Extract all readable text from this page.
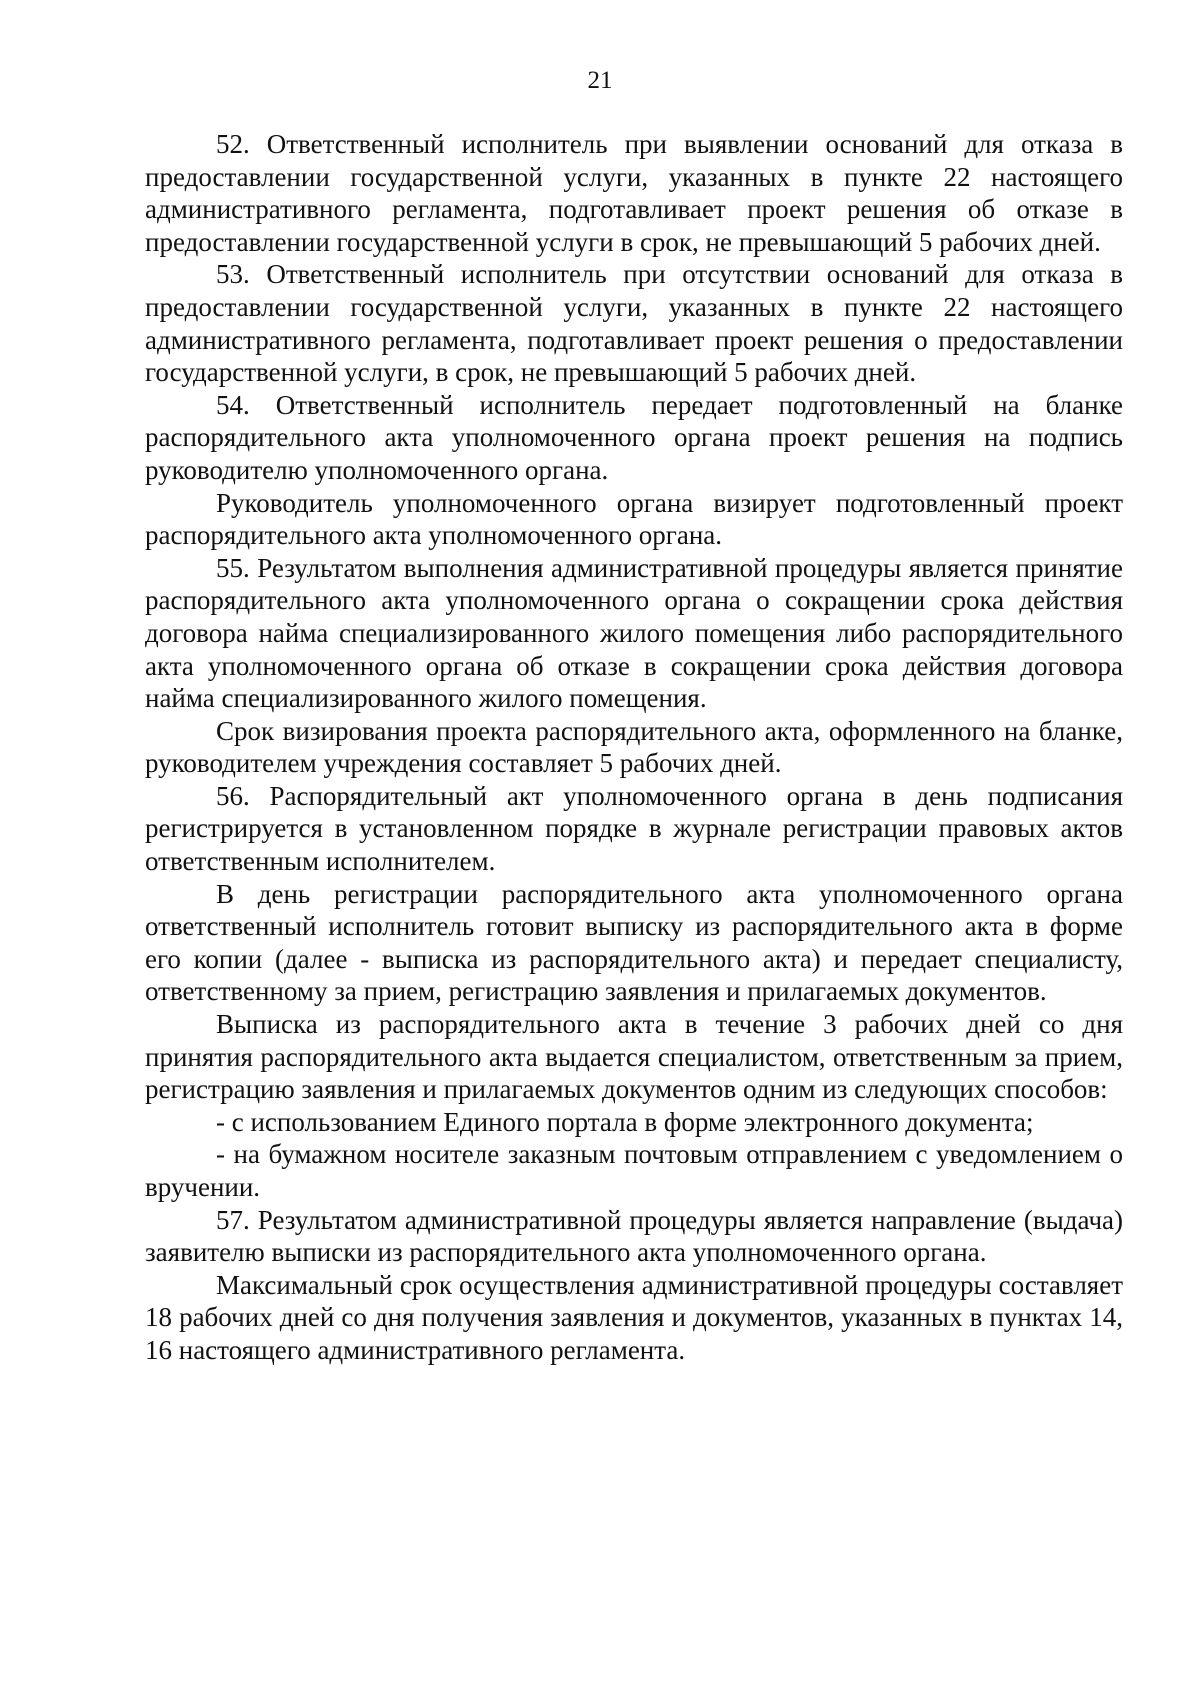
21

52. Ответственный исполнитель при выявлении оснований для отказа в предоставлении государственной услуги, указанных в пункте 22 настоящего административного регламента, подготавливает проект решения об отказе в предоставлении государственной услуги в срок, не превышающий 5 рабочих дней.

53. Ответственный исполнитель при отсутствии оснований для отказа в предоставлении государственной услуги, указанных в пункте 22 настоящего административного регламента, подготавливает проект решения о предоставлении государственной услуги, в срок, не превышающий 5 рабочих дней.

54. Ответственный исполнитель передает подготовленный на бланке распорядительного акта уполномоченного органа проект решения на подпись руководителю уполномоченного органа.

Руководитель уполномоченного органа визирует подготовленный проект распорядительного акта уполномоченного органа.

55. Результатом выполнения административной процедуры является принятие распорядительного акта уполномоченного органа о сокращении срока действия договора найма специализированного жилого помещения либо распорядительного акта уполномоченного органа об отказе в сокращении срока действия договора найма специализированного жилого помещения.

Срок визирования проекта распорядительного акта, оформленного на бланке, руководителем учреждения составляет 5 рабочих дней.

56. Распорядительный акт уполномоченного органа в день подписания регистрируется в установленном порядке в журнале регистрации правовых актов ответственным исполнителем.

В день регистрации распорядительного акта уполномоченного органа ответственный исполнитель готовит выписку из распорядительного акта в форме его копии (далее - выписка из распорядительного акта) и передает специалисту, ответственному за прием, регистрацию заявления и прилагаемых документов.

Выписка из распорядительного акта в течение 3 рабочих дней со дня принятия распорядительного акта выдается специалистом, ответственным за прием, регистрацию заявления и прилагаемых документов одним из следующих способов:

- с использованием Единого портала в форме электронного документа;

- на бумажном носителе заказным почтовым отправлением с уведомлением о вручении.

57. Результатом административной процедуры является направление (выдача) заявителю выписки из распорядительного акта уполномоченного органа.

Максимальный срок осуществления административной процедуры составляет 18 рабочих дней со дня получения заявления и документов, указанных в пунктах 14, 16 настоящего административного регламента.
